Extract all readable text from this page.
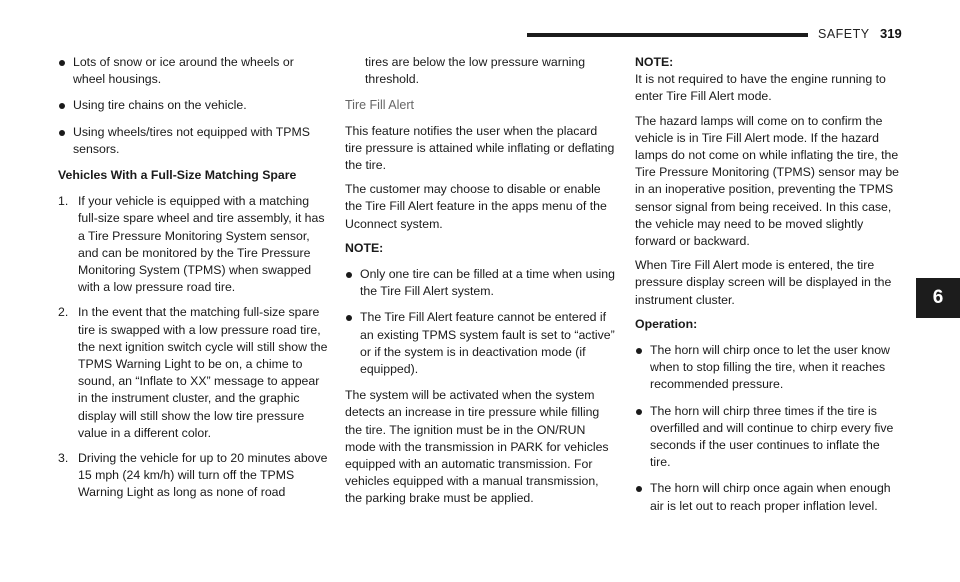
SAFETY 319
6
Lots of snow or ice around the wheels or wheel housings.
Using tire chains on the vehicle.
Using wheels/tires not equipped with TPMS sensors.
Vehicles With a Full-Size Matching Spare
1. If your vehicle is equipped with a matching full-size spare wheel and tire assembly, it has a Tire Pressure Monitoring System sensor, and can be monitored by the Tire Pressure Monitoring System (TPMS) when swapped with a low pressure road tire.
2. In the event that the matching full-size spare tire is swapped with a low pressure road tire, the next ignition switch cycle will still show the TPMS Warning Light to be on, a chime to sound, an “Inflate to XX” message to appear in the instrument cluster, and the graphic display will still show the low tire pressure value in a different color.
3. Driving the vehicle for up to 20 minutes above 15 mph (24 km/h) will turn off the TPMS Warning Light as long as none of road
tires are below the low pressure warning threshold.
Tire Fill Alert

This feature notifies the user when the placard tire pressure is attained while inflating or deflating the tire.

The customer may choose to disable or enable the Tire Fill Alert feature in the apps menu of the Uconnect system.

NOTE:

Only one tire can be filled at a time when using the Tire Fill Alert system.
The Tire Fill Alert feature cannot be entered if an existing TPMS system fault is set to “active” or if the system is in deactivation mode (if equipped).

The system will be activated when the system detects an increase in tire pressure while filling the tire. The ignition must be in the ON/RUN mode with the transmission in PARK for vehicles equipped with an automatic transmission. For vehicles equipped with a manual transmission, the parking brake must be applied.

NOTE:

It is not required to have the engine running to enter Tire Fill Alert mode.

The hazard lamps will come on to confirm the vehicle is in Tire Fill Alert mode. If the hazard lamps do not come on while inflating the tire, the Tire Pressure Monitoring (TPMS) sensor may be in an inoperative position, preventing the TPMS sensor signal from being received. In this case, the vehicle may need to be moved slightly forward or backward.

When Tire Fill Alert mode is entered, the tire pressure display screen will be displayed in the instrument cluster.

Operation:

The horn will chirp once to let the user know when to stop filling the tire, when it reaches recommended pressure.
The horn will chirp three times if the tire is overfilled and will continue to chirp every five seconds if the user continues to inflate the tire.
The horn will chirp once again when enough air is let out to reach proper inflation level.
